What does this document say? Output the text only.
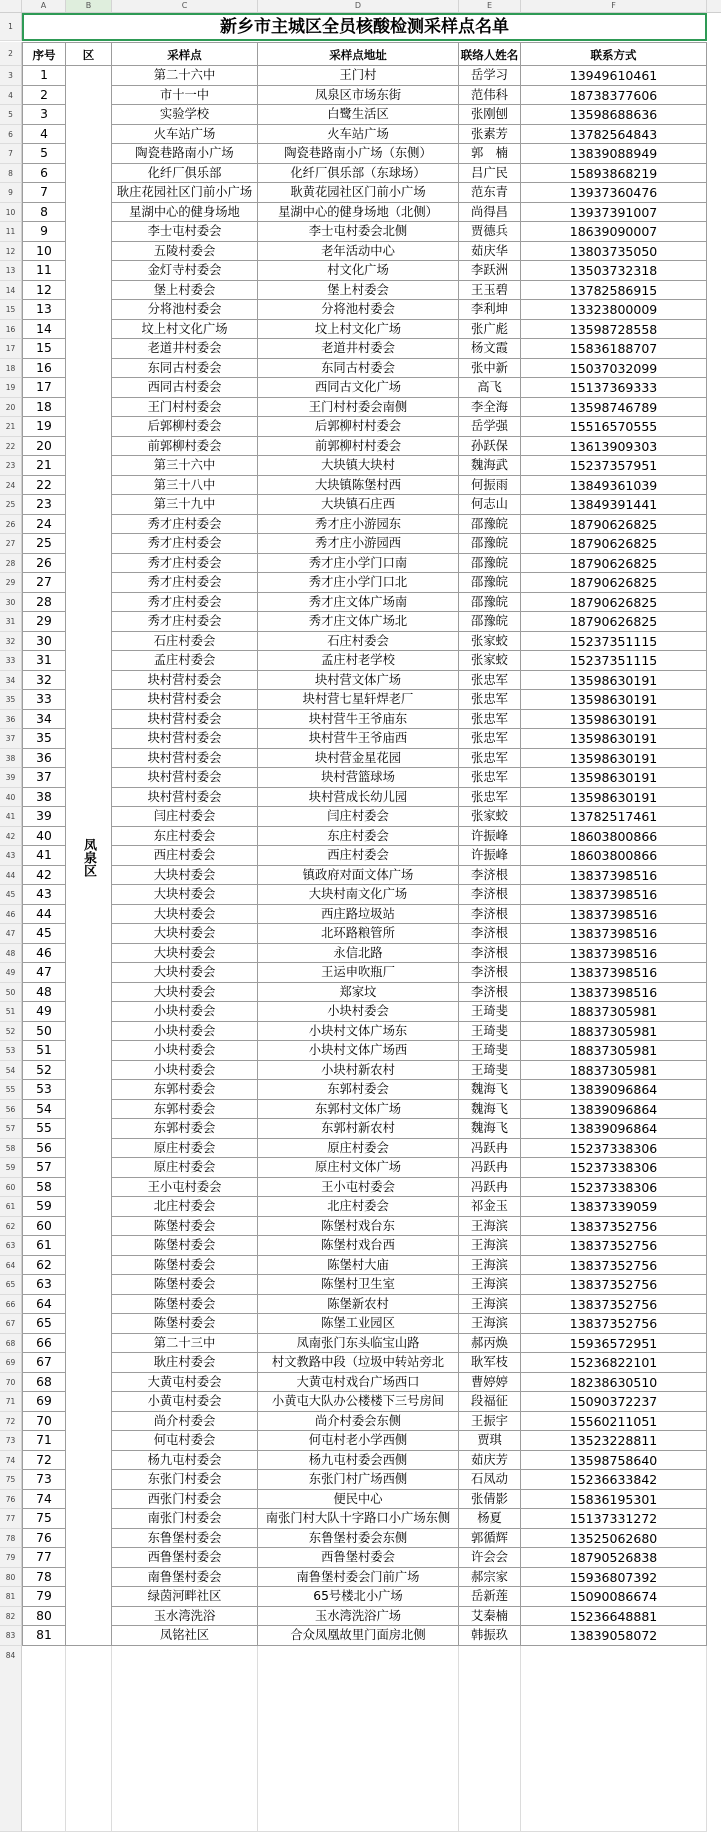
A	B	C	D	E	F
1	新乡市主城区全员核酸检测采样点名单
2	序号	区	采样点	采样点地址	联络人姓名	联系方式
3	1	第二十六中	王门村	岳学习	13949610461
4	2	市十一中	凤泉区市场东街	范伟科	18738377606
5	3	实验学校	白鹭生活区	张刚刨	13598688636
6	4	火车站广场	火车站广场	张素芳	13782564843
7	5	陶瓷巷路南小广场	陶瓷巷路南小广场（东侧）	郭　楠	13839088949
8	6	化纤厂俱乐部	化纤厂俱乐部（东球场）	吕广民	15893868219
9	7	耿庄花园社区门前小广场	耿黄花园社区门前小广场	范东青	13937360476
10	8	星湖中心的健身场地	星湖中心的健身场地（北侧）	尚得昌	13937391007
11	9	李士屯村委会	李士屯村委会北侧	贾德兵	18639090007
12	10	五陵村委会	老年活动中心	茹庆华	13803735050
13	11	金灯寺村委会	村文化广场	李跃洲	13503732318
14	12	堡上村委会	堡上村委会	王玉碧	13782586915
15	13	分将池村委会	分将池村委会	李利坤	13323800009
16	14	坟上村文化广场	坟上村文化广场	张广彪	13598728558
17	15	老道井村委会	老道井村委会	杨文霞	15836188707
18	16	东同古村委会	东同古村委会	张中新	15037032099
19	17	西同古村委会	西同古文化广场	高飞	15137369333
20	18	王门村村委会	王门村村委会南侧	李全海	13598746789
21	19	后郭柳村委会	后郭柳村村委会	岳学强	15516570555
22	20	前郭柳村委会	前郭柳村村委会	孙跃保	13613909303
23	21	第三十六中	大块镇大块村	魏海武	15237357951
24	22	第三十八中	大块镇陈堡村西	何振雨	13849361039
25	23	第三十九中	大块镇石庄西	何志山	13849391441
26	24	秀才庄村委会	秀才庄小游园东	邵豫皖	18790626825
27	25	秀才庄村委会	秀才庄小游园西	邵豫皖	18790626825
28	26	秀才庄村委会	秀才庄小学门口南	邵豫皖	18790626825
29	27	秀才庄村委会	秀才庄小学门口北	邵豫皖	18790626825
30	28	秀才庄村委会	秀才庄文体广场南	邵豫皖	18790626825
31	29	秀才庄村委会	秀才庄文体广场北	邵豫皖	18790626825
32	30	石庄村委会	石庄村委会	张家蛟	15237351115
33	31	孟庄村委会	孟庄村老学校	张家蛟	15237351115
34	32	块村营村委会	块村营文体广场	张忠军	13598630191
35	33	块村营村委会	块村营七星轩焊老厂	张忠军	13598630191
36	34	块村营村委会	块村营牛王爷庙东	张忠军	13598630191
37	35	块村营村委会	块村营牛王爷庙西	张忠军	13598630191
38	36	块村营村委会	块村营金星花园	张忠军	13598630191
39	37	块村营村委会	块村营篮球场	张忠军	13598630191
40	38	块村营村委会	块村营成长幼儿园	张忠军	13598630191
41	39	闫庄村委会	闫庄村委会	张家蛟	13782517461
42	40	东庄村委会	东庄村委会	许振峰	18603800866
43	41	西庄村委会	西庄村委会	许振峰	18603800866
44	42	大块村委会	镇政府对面文体广场	李济根	13837398516
45	43	大块村委会	大块村南文化广场	李济根	13837398516
46	44	大块村委会	西庄路垃圾站	李济根	13837398516
47	45	大块村委会	北环路粮管所	李济根	13837398516
48	46	大块村委会	永信北路	李济根	13837398516
49	47	大块村委会	王运申吹瓶厂	李济根	13837398516
50	48	大块村委会	郑家坟	李济根	13837398516
51	49	小块村委会	小块村委会	王琦斐	18837305981
52	50	小块村委会	小块村文体广场东	王琦斐	18837305981
53	51	小块村委会	小块村文体广场西	王琦斐	18837305981
54	52	小块村委会	小块村新农村	王琦斐	18837305981
55	53	东郭村委会	东郭村委会	魏海飞	13839096864
56	54	东郭村委会	东郭村文体广场	魏海飞	13839096864
57	55	东郭村委会	东郭村新农村	魏海飞	13839096864
58	56	原庄村委会	原庄村委会	冯跃冉	15237338306
59	57	原庄村委会	原庄村文体广场	冯跃冉	15237338306
60	58	王小屯村委会	王小屯村委会	冯跃冉	15237338306
61	59	北庄村委会	北庄村委会	祁金玉	13837339059
62	60	陈堡村委会	陈堡村戏台东	王海滨	13837352756
63	61	陈堡村委会	陈堡村戏台西	王海滨	13837352756
64	62	陈堡村委会	陈堡村大庙	王海滨	13837352756
65	63	陈堡村委会	陈堡村卫生室	王海滨	13837352756
66	64	陈堡村委会	陈堡新农村	王海滨	13837352756
67	65	陈堡村委会	陈堡工业园区	王海滨	13837352756
68	66	第二十三中	凤南张门东头临宝山路	郝丙焕	15936572951
69	67	耿庄村委会	村文教路中段（垃圾中转站旁北	耿军枝	15236822101
70	68	大黄屯村委会	大黄屯村戏台广场西口	曹婷婷	18238630510
71	69	小黄屯村委会	小黄屯大队办公楼楼下三号房间	段福征	15090372237
72	70	尚介村委会	尚介村委会东侧	王振宇	15560211051
73	71	何屯村委会	何屯村老小学西侧	贾琪	13523228811
74	72	杨九屯村委会	杨九屯村委会西侧	茹庆芳	13598758640
75	73	东张门村委会	东张门村广场西侧	石凤动	15236633842
76	74	西张门村委会	便民中心	张倩影	15836195301
77	75	南张门村委会	南张门村大队十字路口小广场东侧	杨夏	15137331272
78	76	东鲁堡村委会	东鲁堡村委会东侧	郭循辉	13525062680
79	77	西鲁堡村委会	西鲁堡村委会	许会会	18790526838
80	78	南鲁堡村委会	南鲁堡村委会门前广场	郝宗家	15936807392
81	79	绿茵河畔社区	65号楼北小广场	岳新莲	15090086674
82	80	玉水湾洗浴	玉水湾洗浴广场	艾秦楠	15236648881
83	81	凤铭社区	合众凤凰故里门面房北侧	韩振玖	13839058072
凤泉区
84
